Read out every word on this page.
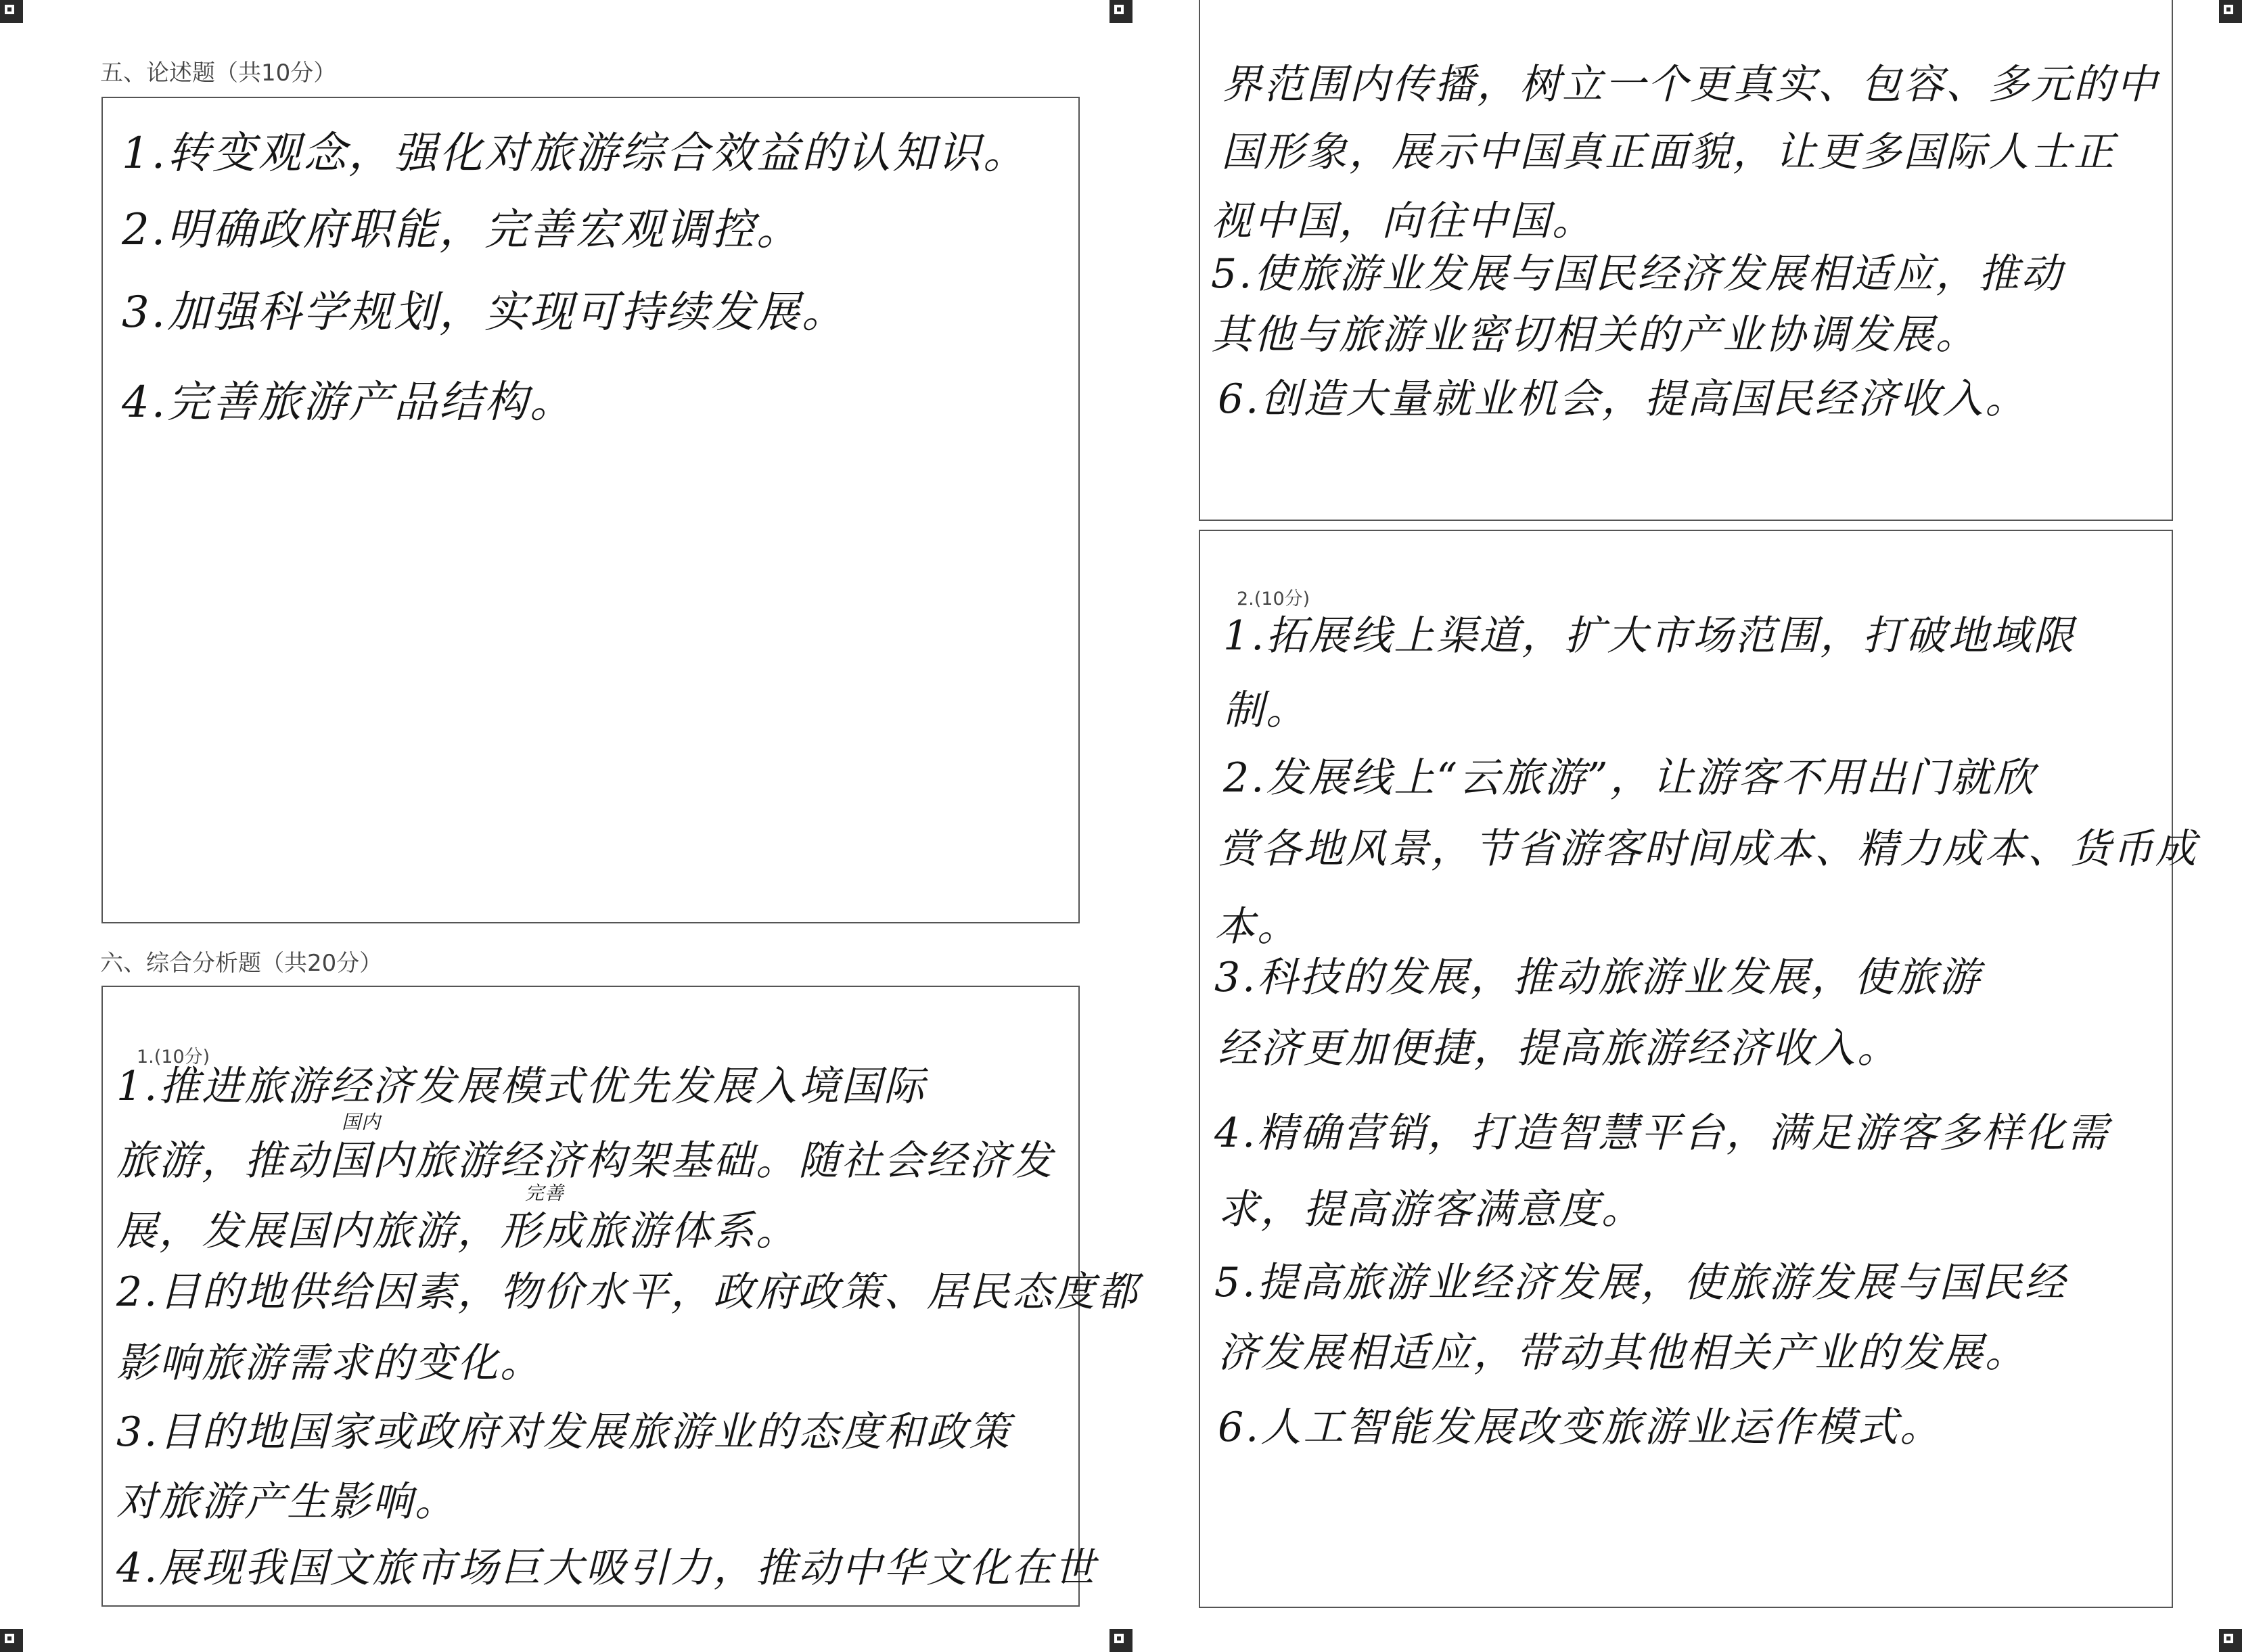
五、论述题（共10分）
1.转变观念，强化对旅游综合效益的认知识。
2.明确政府职能，完善宏观调控。
3.加强科学规划，实现可持续发展。
4.完善旅游产品结构。
六、综合分析题（共20分）
1.(10分)
1.推进旅游经济发展模式优先发展入境国际
国内
旅游，推动国内旅游经济构架基础。随社会经济发
完善
展，发展国内旅游，形成旅游体系。
2.目的地供给因素，物价水平，政府政策、居民态度都
影响旅游需求的变化。
3.目的地国家或政府对发展旅游业的态度和政策
对旅游产生影响。
4.展现我国文旅市场巨大吸引力，推动中华文化在世
界范围内传播，树立一个更真实、包容、多元的中
国形象，展示中国真正面貌，让更多国际人士正
视中国，向往中国。
5.使旅游业发展与国民经济发展相适应，推动
其他与旅游业密切相关的产业协调发展。
6.创造大量就业机会，提高国民经济收入。
2.(10分)
1.拓展线上渠道，扩大市场范围，打破地域限
制。
2.发展线上“云旅游”，让游客不用出门就欣
赏各地风景，节省游客时间成本、精力成本、货币成
本。
3.科技的发展，推动旅游业发展，使旅游
经济更加便捷，提高旅游经济收入。
4.精确营销，打造智慧平台，满足游客多样化需
求，提高游客满意度。
5.提高旅游业经济发展，使旅游发展与国民经
济发展相适应，带动其他相关产业的发展。
6.人工智能发展改变旅游业运作模式。
